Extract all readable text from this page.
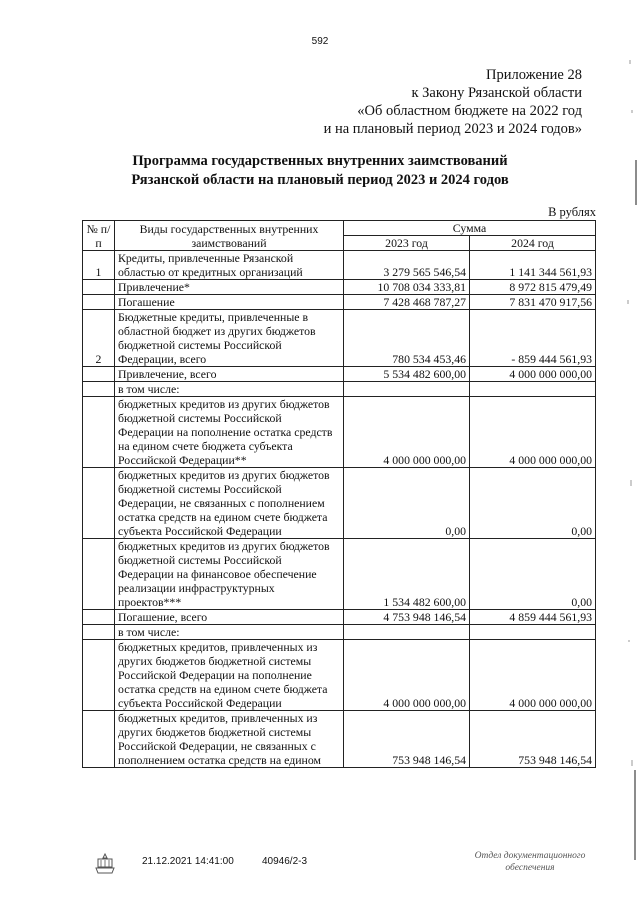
592
Приложение 28
к Закону Рязанской области
«Об областном бюджете на 2022 год
и на плановый период 2023 и 2024 годов»
Программа государственных внутренних заимствований
Рязанской области на плановый период 2023 и 2024 годов
В рублях
№ п/п	Виды государственных внутренних заимствований	Сумма	
		2023 год	2024 год
1	Кредиты, привлеченные Рязанской областью от кредитных организаций	3 279 565 546,54	1 141 344 561,93
	Привлечение*	10 708 034 333,81	8 972 815 479,49
	Погашение	7 428 468 787,27	7 831 470 917,56
2	Бюджетные кредиты, привлеченные в областной бюджет из других бюджетов бюджетной системы Российской Федерации, всего	780 534 453,46	- 859 444 561,93
	Привлечение, всего	5 534 482 600,00	4 000 000 000,00
	в том числе:		
	бюджетных кредитов из других бюджетов бюджетной системы Российской Федерации на пополнение остатка средств на едином счете бюджета субъекта Российской Федерации**	4 000 000 000,00	4 000 000 000,00
	бюджетных кредитов из других бюджетов бюджетной системы Российской Федерации, не связанных с пополнением остатка средств на едином счете бюджета субъекта Российской Федерации	0,00	0,00
	бюджетных кредитов из других бюджетов бюджетной системы Российской Федерации на финансовое обеспечение реализации инфраструктурных проектов***	1 534 482 600,00	0,00
	Погашение, всего	4 753 948 146,54	4 859 444 561,93
	в том числе:		
	бюджетных кредитов, привлеченных из других бюджетов бюджетной системы Российской Федерации на пополнение остатка средств на едином счете бюджета субъекта Российской Федерации	4 000 000 000,00	4 000 000 000,00
	бюджетных кредитов, привлеченных из других бюджетов бюджетной системы Российской Федерации, не связанных с пополнением остатка средств на едином	753 948 146,54	753 948 146,54
21.12.2021 14:41:00	40946/2-3	Отдел документационного
обеспечения
